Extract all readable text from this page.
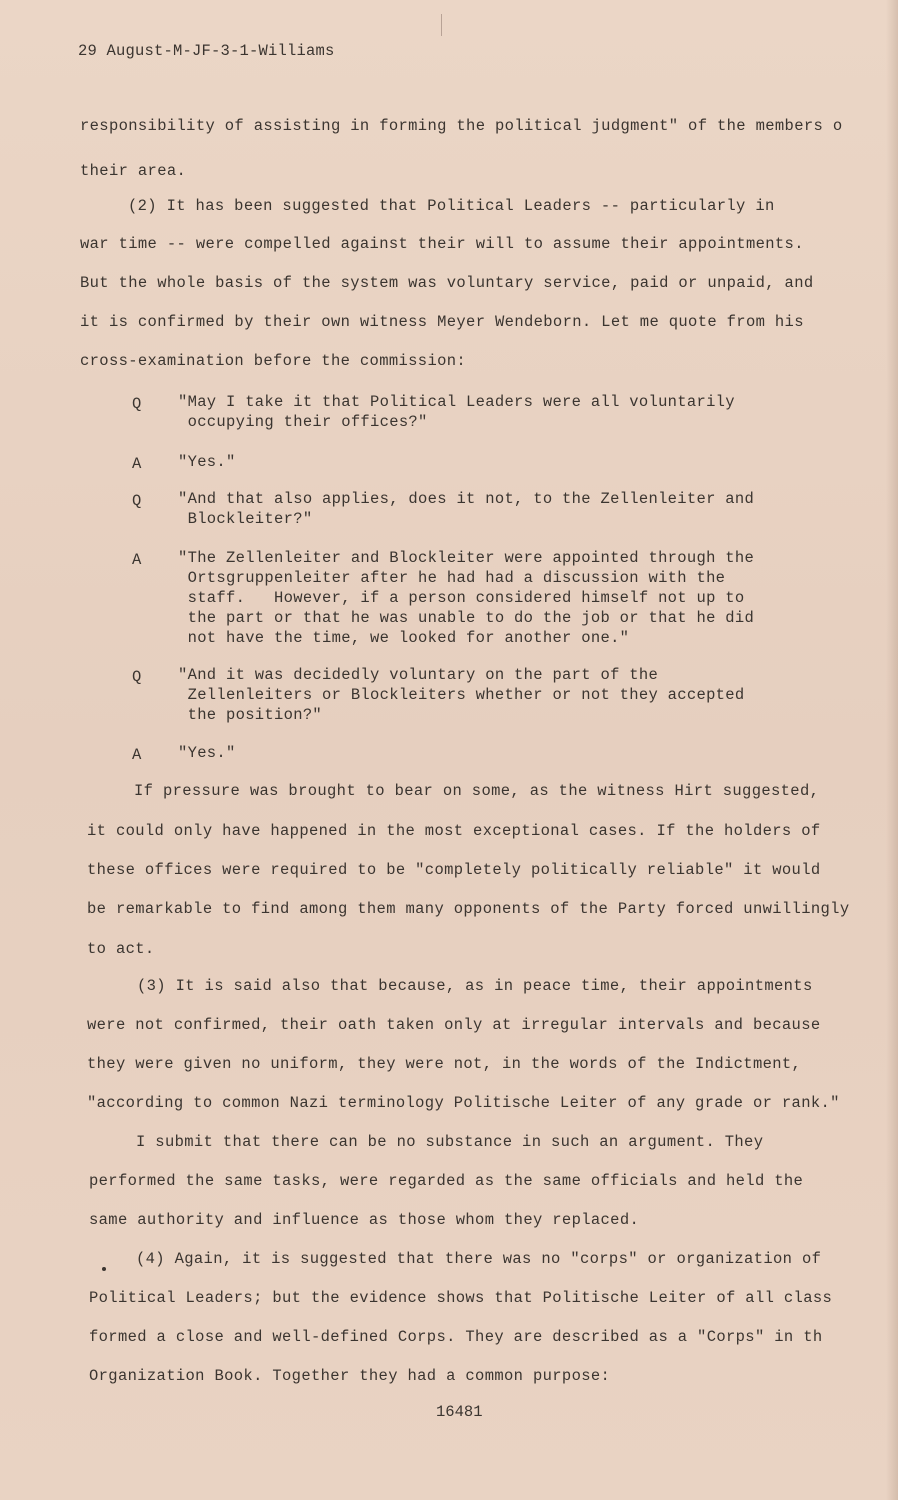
29 August-M-JF-3-1-Williams
responsibility of assisting in forming the political judgment" of the members o
their area.
(2) It has been suggested that Political Leaders -- particularly in
war time -- were compelled against their will to assume their appointments.
But the whole basis of the system was voluntary service, paid or unpaid, and
it is confirmed by their own witness Meyer Wendeborn. Let me quote from his
cross-examination before the commission:
Q "May I take it that Political Leaders were all voluntarily
occupying their offices?"
A "Yes."
Q "And that also applies, does it not, to the Zellenleiter and
Blockleiter?"
A "The Zellenleiter and Blockleiter were appointed through the
Ortsgruppenleiter after he had had a discussion with the
staff.   However, if a person considered himself not up to
the part or that he was unable to do the job or that he did
not have the time, we looked for another one."
Q "And it was decidedly voluntary on the part of the
Zellenleiters or Blockleiters whether or not they accepted
the position?"
A "Yes."
If pressure was brought to bear on some, as the witness Hirt suggested,
it could only have happened in the most exceptional cases. If the holders of
these offices were required to be "completely politically reliable" it would
be remarkable to find among them many opponents of the Party forced unwillingly
to act.
(3) It is said also that because, as in peace time, their appointments
were not confirmed, their oath taken only at irregular intervals and because
they were given no uniform, they were not, in the words of the Indictment,
"according to common Nazi terminology Politische Leiter of any grade or rank."
I submit that there can be no substance in such an argument. They
performed the same tasks, were regarded as the same officials and held the
same authority and influence as those whom they replaced.
(4) Again, it is suggested that there was no "corps" or organization of
Political Leaders; but the evidence shows that Politische Leiter of all class
formed a close and well-defined Corps. They are described as a "Corps" in th
Organization Book. Together they had a common purpose:
16481
